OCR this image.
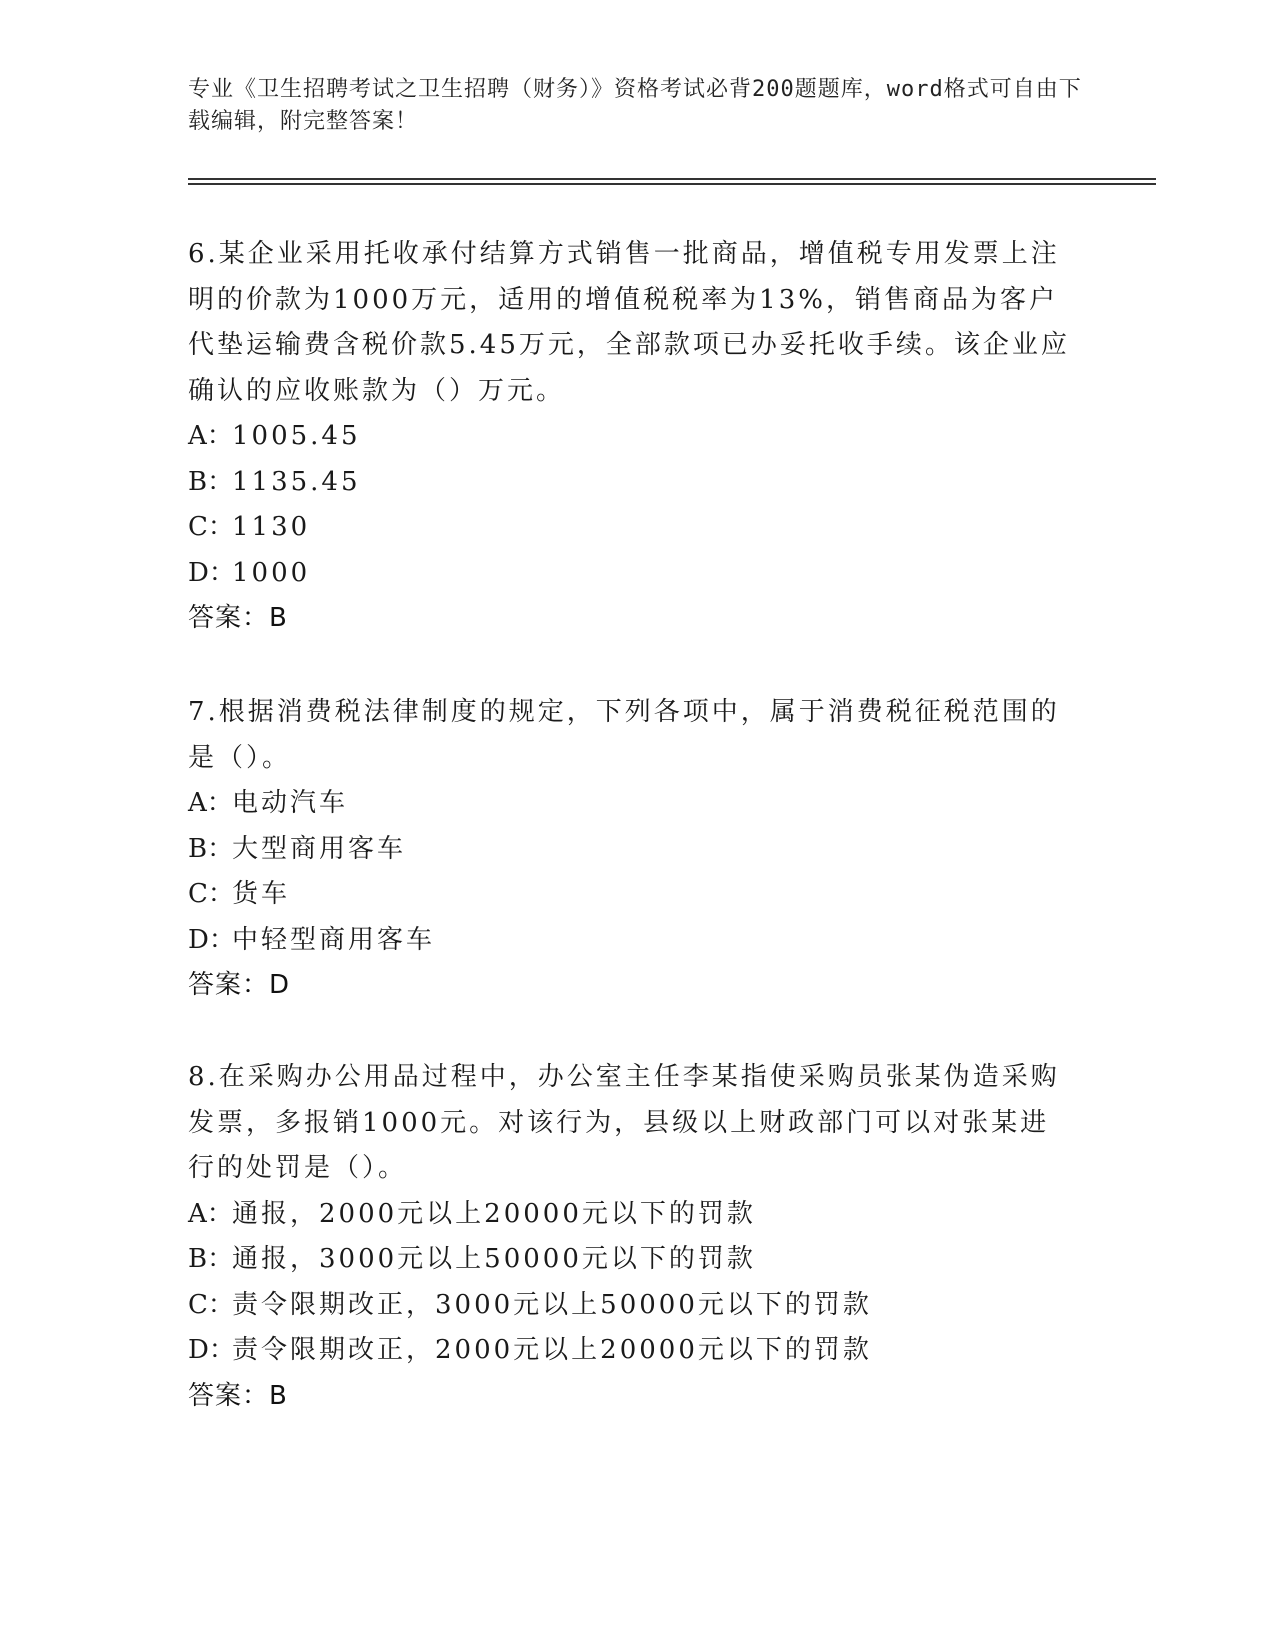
专业《卫生招聘考试之卫生招聘（财务）》资格考试必背200题题库，word格式可自由下载编辑，附完整答案！

6.某企业采用托收承付结算方式销售一批商品，增值税专用发票上注明的价款为1000万元，适用的增值税税率为13%，销售商品为客户代垫运输费含税价款5.45万元，全部款项已办妥托收手续。该企业应确认的应收账款为（）万元。

A：1005.45
B：1135.45
C：1130
D：1000
答案：B

7.根据消费税法律制度的规定，下列各项中，属于消费税征税范围的是（）。

A：电动汽车
B：大型商用客车
C：货车
D：中轻型商用客车
答案：D

8.在采购办公用品过程中，办公室主任李某指使采购员张某伪造采购发票，多报销1000元。对该行为，县级以上财政部门可以对张某进行的处罚是（）。

A：通报，2000元以上20000元以下的罚款
B：通报，3000元以上50000元以下的罚款
C：责令限期改正，3000元以上50000元以下的罚款
D：责令限期改正，2000元以上20000元以下的罚款
答案：B
